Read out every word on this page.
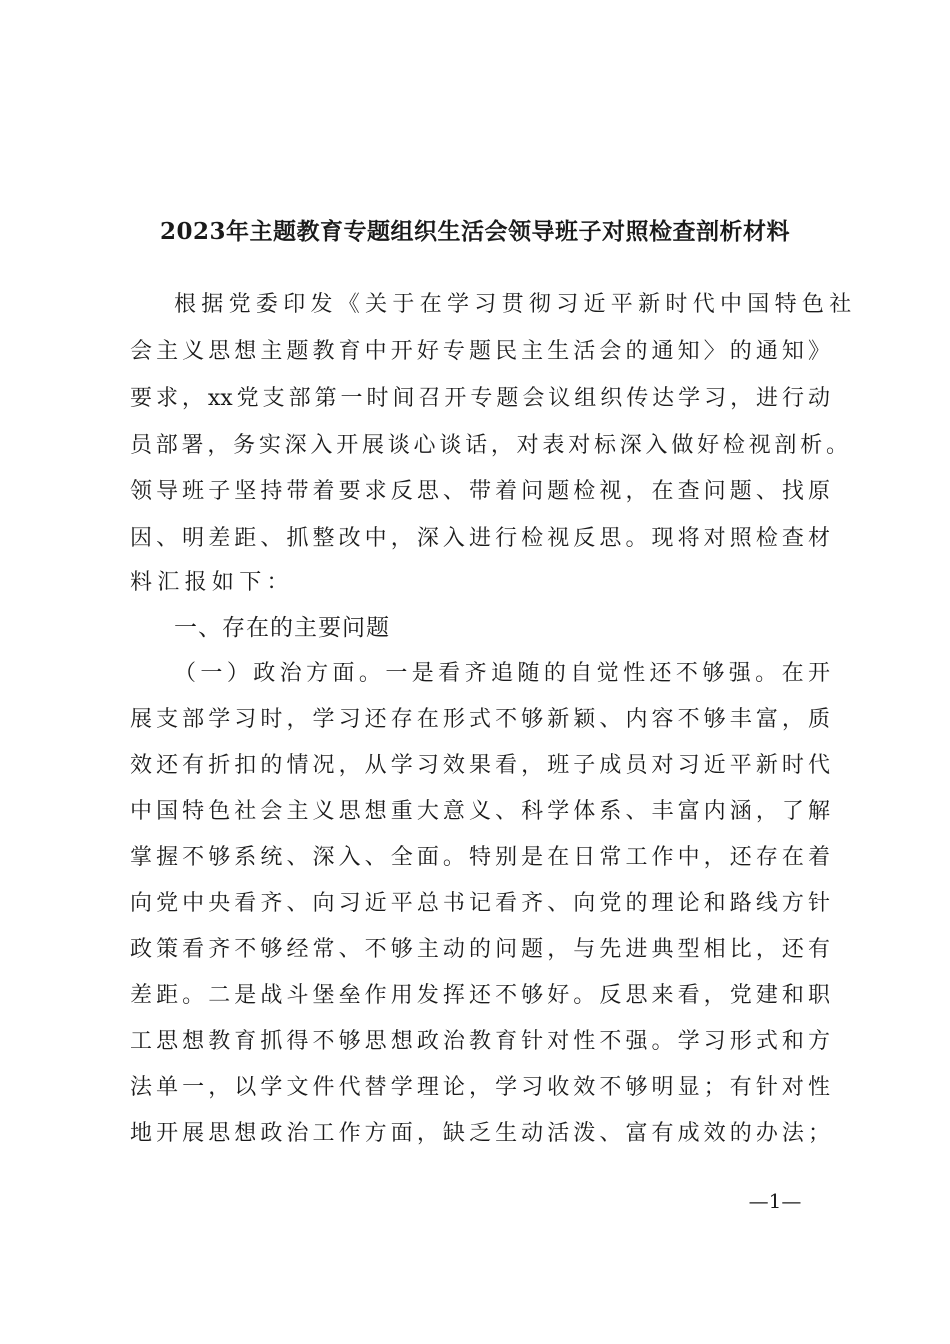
2023年主题教育专题组织生活会领导班子对照检查剖析材料
根据党委印发《关于在学习贯彻习近平新时代中国特色社
会主义思想主题教育中开好专题民主生活会的通知〉的通知》
要求，xx党支部第一时间召开专题会议组织传达学习，进行动
员部署，务实深入开展谈心谈话，对表对标深入做好检视剖析。
领导班子坚持带着要求反思、带着问题检视，在查问题、找原
因、明差距、抓整改中，深入进行检视反思。现将对照检查材
料汇报如下：
一、存在的主要问题
（一）政治方面。一是看齐追随的自觉性还不够强。在开
展支部学习时，学习还存在形式不够新颖、内容不够丰富，质
效还有折扣的情况，从学习效果看，班子成员对习近平新时代
中国特色社会主义思想重大意义、科学体系、丰富内涵，了解
掌握不够系统、深入、全面。特别是在日常工作中，还存在着
向党中央看齐、向习近平总书记看齐、向党的理论和路线方针
政策看齐不够经常、不够主动的问题，与先进典型相比，还有
差距。二是战斗堡垒作用发挥还不够好。反思来看，党建和职
工思想教育抓得不够思想政治教育针对性不强。学习形式和方
法单一，以学文件代替学理论，学习收效不够明显；有针对性
地开展思想政治工作方面，缺乏生动活泼、富有成效的办法；
—1—
